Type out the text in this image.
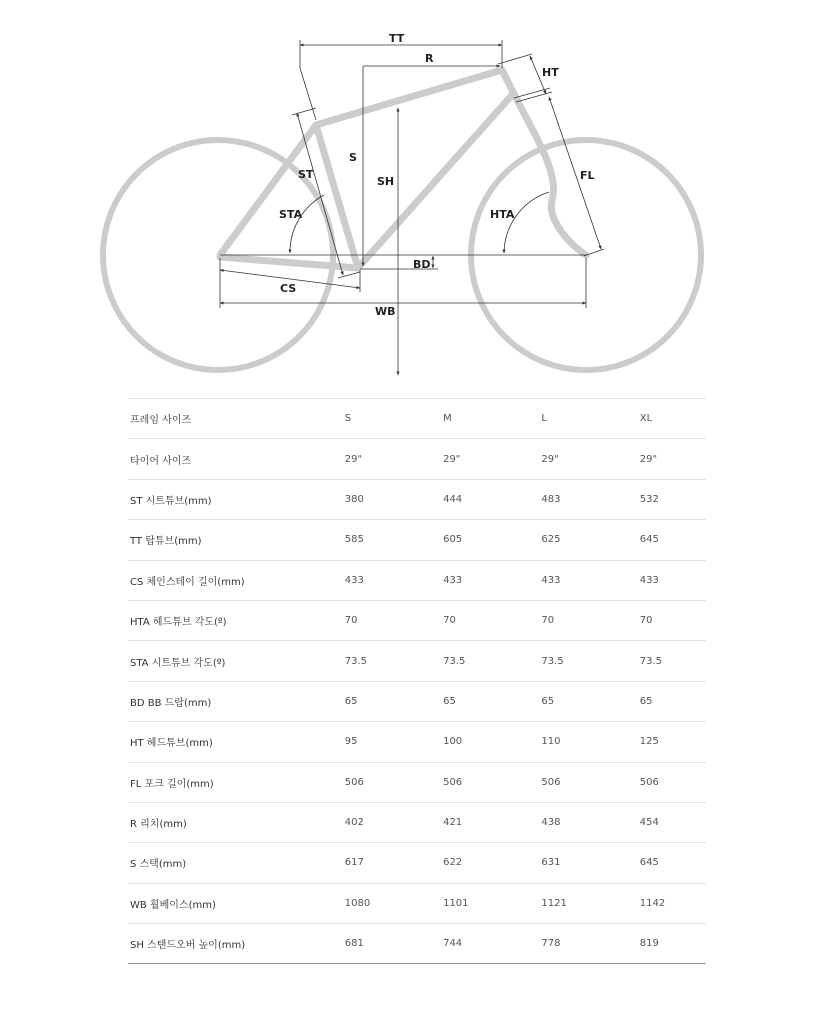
TT
R
HT
S
SH
ST
STA	HTA
FL
BD
CS
WB
프레임 사이즈	S	M	L	XL
타이어 사이즈	29"	29"	29"	29"
ST 시트튜브(mm)	380	444	483	532
TT 탑튜브(mm)	585	605	625	645
CS 체인스테이 길이(mm)	433	433	433	433
HTA 헤드튜브 각도(º)	70	70	70	70
STA 시트튜브 각도(º)	73.5	73.5	73.5	73.5
BD BB 드랍(mm)	65	65	65	65
HT 헤드튜브(mm)	95	100	110	125
FL 포크 길이(mm)	506	506	506	506
R 리치(mm)	402	421	438	454
S 스택(mm)	617	622	631	645
WB 휠베이스(mm)	1080	1101	1121	1142
SH 스탠드오버 높이(mm)	681	744	778	819
